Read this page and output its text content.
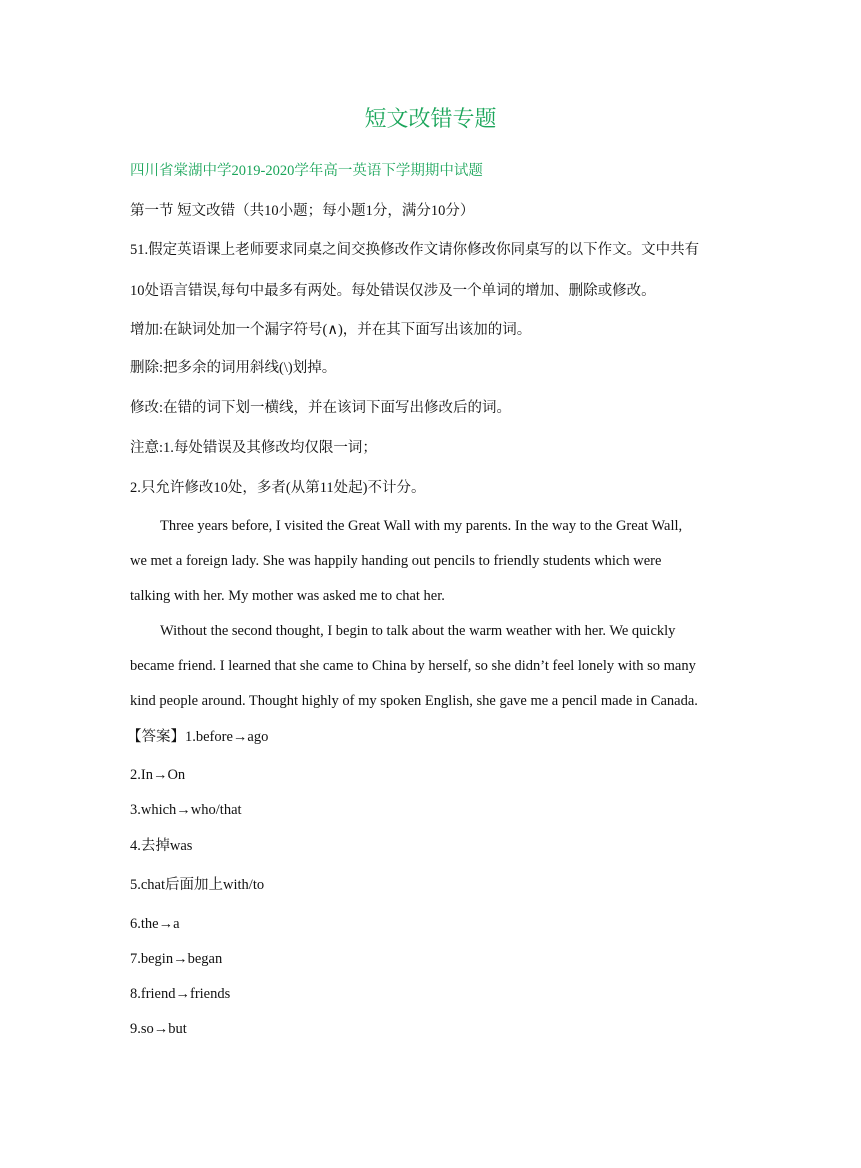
短文改错专题
四川省棠湖中学2019-2020学年高一英语下学期期中试题
第一节 短文改错（共10小题；每小题1分，满分10分）
51.假定英语课上老师要求同桌之间交换修改作文请你修改你同桌写的以下作文。文中共有
10处语言错误,每句中最多有两处。每处错误仅涉及一个单词的增加、删除或修改。
增加:在缺词处加一个漏字符号(∧)，并在其下面写出该加的词。
删除:把多余的词用斜线(\)划掉。
修改:在错的词下划一横线，并在该词下面写出修改后的词。
注意:1.每处错误及其修改均仅限一词；
2.只允许修改10处，多者(从第11处起)不计分。
Three years before, I visited the Great Wall with my parents. In the way to the Great Wall,
we met a foreign lady. She was happily handing out pencils to friendly students which were
talking with her. My mother was asked me to chat her.
Without the second thought, I begin to talk about the warm weather with her. We quickly
became friend. I learned that she came to China by herself, so she didn’t feel lonely with so many
kind people around. Thought highly of my spoken English, she gave me a pencil made in Canada.
【答案】1.before→ago
2.In→On
3.which→who/that
4.去掉was
5.chat后面加上with/to
6.the→a
7.begin→began
8.friend→friends
9.so→but
